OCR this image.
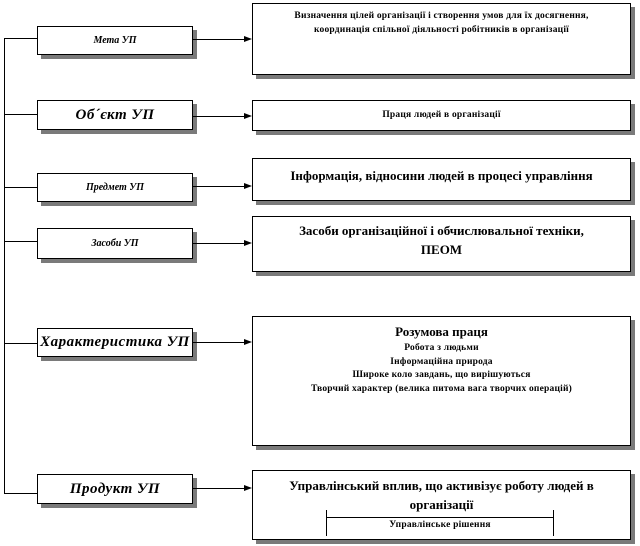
Мета УП

Визначення цілей організації і створення умов для їх досягнення,

координація спільної діяльності робітників в організації

Об´єкт УП	Праця людей в організації

Предмет УП

Інформація, відносини людей в процесі управління

Засоби УП

Засоби організаційної і обчислювальної техніки,

ПЕОМ

Характеристика УП

Розумова праця

Робота з людьми

Інформаційна природа

Широке коло завдань, що вирішуються

Творчий характер (велика питома вага творчих операцій)

Продукт УП	Управлінський вплив, що активізує роботу людей в

організації

Управлінське рішення
